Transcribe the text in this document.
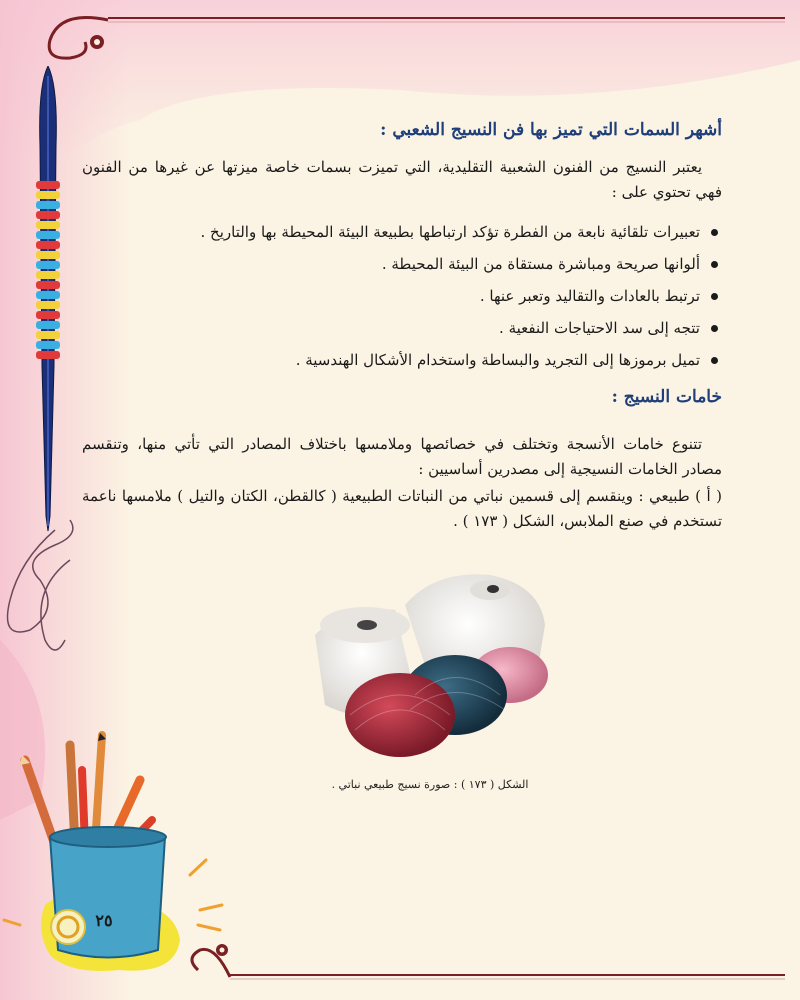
أشهر السمات التي تميز بها فن النسيج الشعبي :

يعتبر النسيج من الفنون الشعبية التقليدية، التي تميزت بسمات خاصة ميزتها عن غيرها من الفنون فهي تحتوي على :

تعبيرات تلقائية نابعة من الفطرة تؤكد ارتباطها بطبيعة البيئة المحيطة بها والتاريخ .
ألوانها صريحة ومباشرة مستقاة من البيئة المحيطة .
ترتبط بالعادات والتقاليد وتعبر عنها .
تتجه إلى سد الاحتياجات النفعية .
تميل برموزها إلى التجريد والبساطة واستخدام الأشكال الهندسية .
خامات النسيج :

تتنوع خامات الأنسجة وتختلف في خصائصها وملامسها باختلاف المصادر التي تأتي منها، وتنقسم مصادر الخامات النسيجية إلى مصدرين أساسيين :

( أ ) طبيعي : وينقسم إلى قسمين نباتي من النباتات الطبيعية ( كالقطن، الكتان والتيل ) ملامسها ناعمة تستخدم في صنع الملابس، الشكل ( ١٧٣ ) .

الشكل ( ١٧٣ ) : صورة نسيج طبيعي نباتي .
٢٥
